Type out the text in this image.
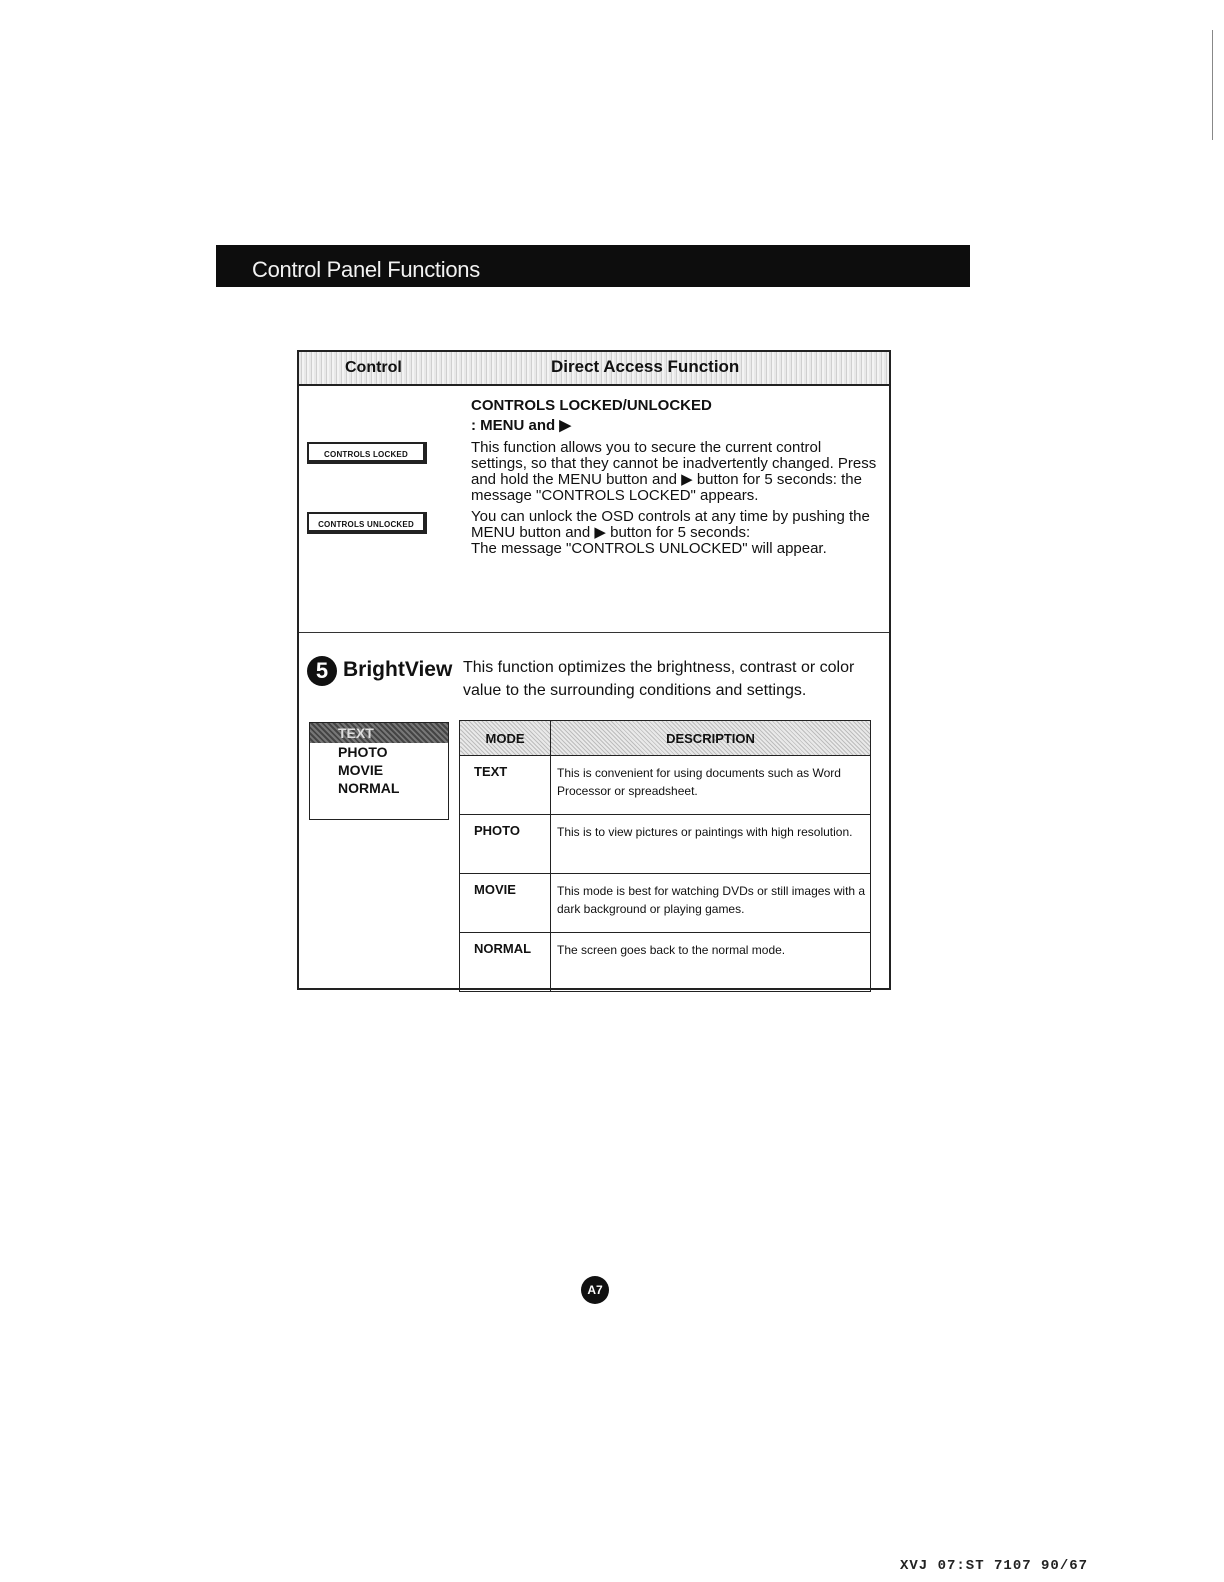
Control Panel Functions
Control	Direct Access Function
CONTROLS LOCKED
CONTROLS UNLOCKED
CONTROLS LOCKED/UNLOCKED
: MENU and ▶

This function allows you to secure the current control settings, so that they cannot be inadvertently changed. Press and hold the MENU button and ▶ button for 5 seconds: the message "CONTROLS LOCKED" appears.

You can unlock the OSD controls at any time by pushing the MENU button and ▶ button for 5 seconds:

The message "CONTROLS UNLOCKED" will appear.

5 BrightView This function optimizes the brightness, contrast or color value to the surrounding conditions and settings.
TEXT
PHOTO
MOVIE
NORMAL
MODE	DESCRIPTION
TEXT	This is convenient for using documents such as Word Processor or spreadsheet.
PHOTO	This is to view pictures or paintings with high resolution.
MOVIE	This mode is best for watching DVDs or still images with a dark background or playing games.
NORMAL	The screen goes back to the normal mode.
A7
XVJ 07:ST 7107 90/67
